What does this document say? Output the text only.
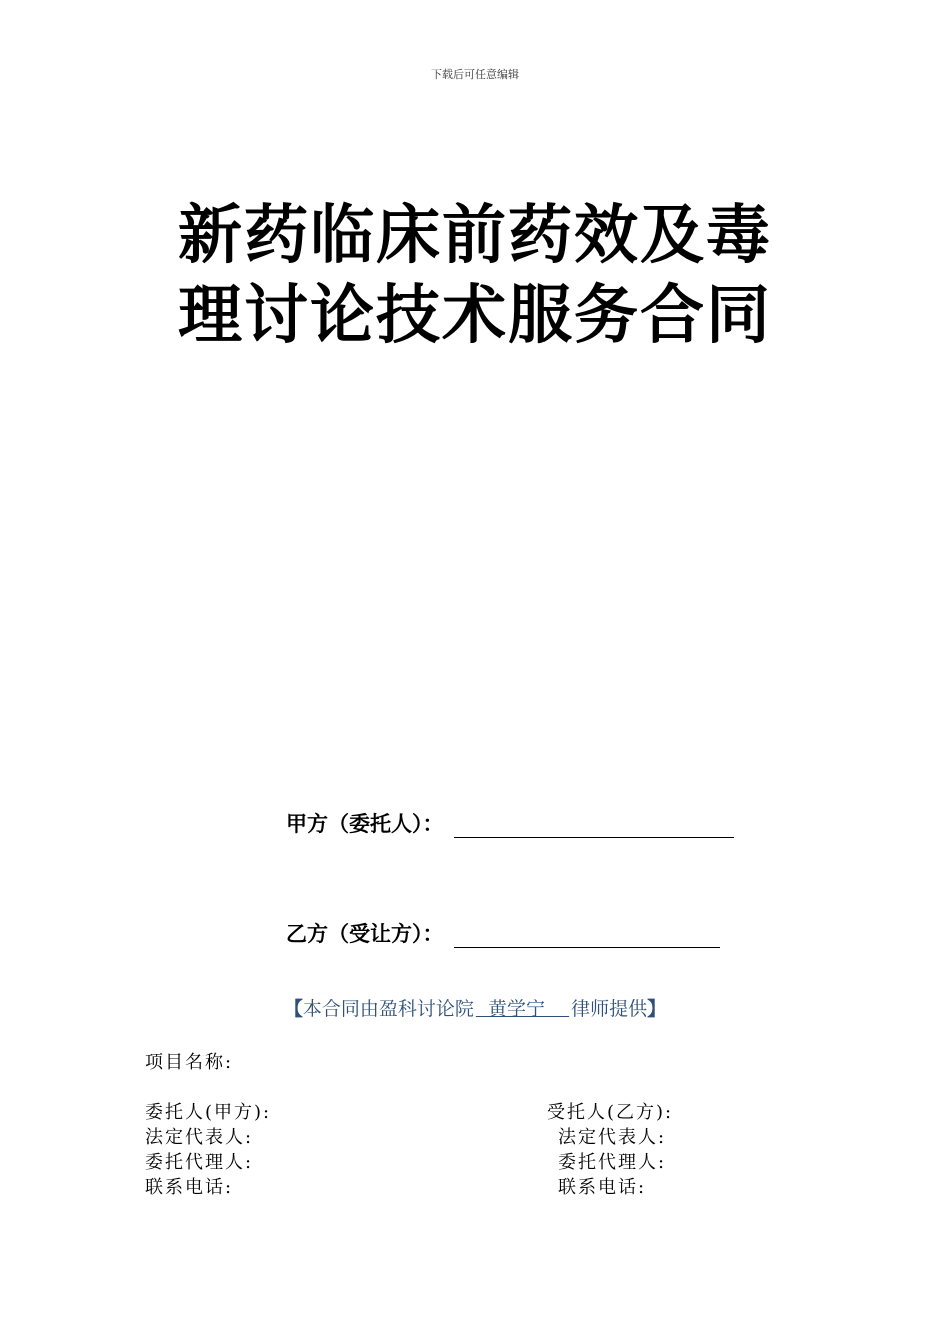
下载后可任意编辑
新药临床前药效及毒
理讨论技术服务合同
甲方（委托人）：
乙方（受让方）：
【本合同由盈科讨论院 黄学宁 律师提供】
项目名称:
委托人(甲方):
法定代表人:
委托代理人:
联系电话:
受托人(乙方):
法定代表人:
委托代理人:
联系电话:
